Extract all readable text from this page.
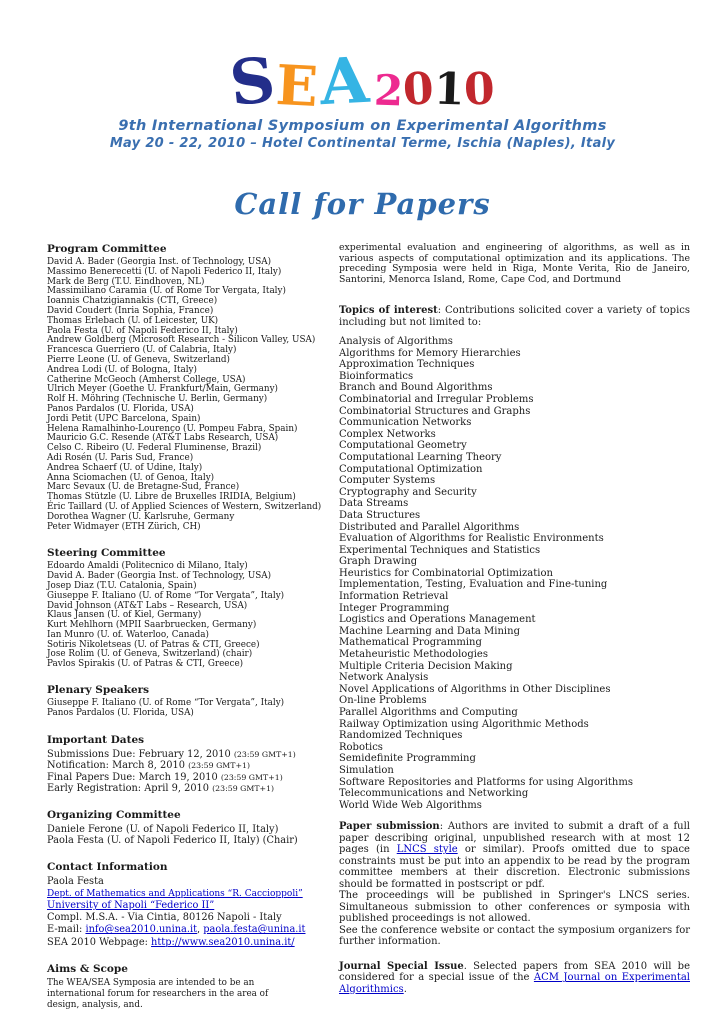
S
E
A 2
0
1
0
9th International Symposium on Experimental Algorithms
May 20 - 22, 2010 – Hotel Continental Terme, Ischia (Naples), Italy
Call for Papers
Program Committee
David A. Bader (Georgia Inst. of Technology, USA)
Massimo Benerecetti (U. of Napoli Federico II, Italy)
Mark de Berg (T.U. Eindhoven, NL)
Massimiliano Caramia (U. of Rome Tor Vergata, Italy)
Ioannis Chatzigiannakis (CTI, Greece)
David Coudert (Inria Sophia, France)
Thomas Erlebach (U. of Leicester, UK)
Paola Festa (U. of Napoli Federico II, Italy)
Andrew Goldberg (Microsoft Research - Silicon Valley, USA)
Francesca Guerriero (U. of Calabria, Italy)
Pierre Leone (U. of Geneva, Switzerland)
Andrea Lodi (U. of Bologna, Italy)
Catherine McGeoch (Amherst College, USA)
Ulrich Meyer (Goethe U. Frankfurt/Main, Germany)
Rolf H. Möhring (Technische U. Berlin, Germany)
Panos Pardalos (U. Florida, USA)
Jordi Petit (UPC Barcelona, Spain)
Helena Ramalhinho-Lourenço (U. Pompeu Fabra, Spain)
Mauricio G.C. Resende (AT&T Labs Research, USA)
Celso C. Ribeiro (U. Federal Fluminense, Brazil)
Adi Rosén (U. Paris Sud, France)
Andrea Schaerf (U. of Udine, Italy)
Anna Sciomachen (U. of Genoa, Italy)
Marc Sevaux (U. de Bretagne-Sud, France)
Thomas Stützle (U. Libre de Bruxelles IRIDIA, Belgium)
Éric Taillard (U. of Applied Sciences of Western, Switzerland)
Dorothea Wagner (U. Karlsruhe, Germany
Peter Widmayer (ETH Zürich, CH)
Steering Committee
Edoardo Amaldi (Politecnico di Milano, Italy)
David A. Bader (Georgia Inst. of Technology, USA)
Josep Diaz (T.U. Catalonia, Spain)
Giuseppe F. Italiano (U. of Rome “Tor Vergata”, Italy)
David Johnson (AT&T Labs – Research, USA)
Klaus Jansen (U. of Kiel, Germany)
Kurt Mehlhorn (MPII Saarbruecken, Germany)
Ian Munro (U. of. Waterloo, Canada)
Sotiris Nikoletseas (U. of Patras & CTI, Greece)
Jose Rolim (U. of Geneva, Switzerland) (chair)
Pavlos Spirakis (U. of Patras & CTI, Greece)
Plenary Speakers
Giuseppe F. Italiano (U. of Rome “Tor Vergata”, Italy)
Panos Pardalos (U. Florida, USA)
Important Dates
Submissions Due: February 12, 2010 (23:59 GMT+1)
Notification: March 8, 2010 (23:59 GMT+1)
Final Papers Due: March 19, 2010 (23:59 GMT+1)
Early Registration: April 9, 2010 (23:59 GMT+1)
Organizing Committee
Daniele Ferone (U. of Napoli Federico II, Italy)
Paola Festa (U. of Napoli Federico II, Italy) (Chair)
Contact Information
Paola Festa
Dept. of Mathematics and Applications “R. Caccioppoli”
University of Napoli “Federico II”
Compl. M.S.A. - Via Cintia, 80126 Napoli - Italy
E-mail: info@sea2010.unina.it, paola.festa@unina.it
SEA 2010 Webpage: http://www.sea2010.unina.it/
Aims & Scope
The WEA/SEA Symposia are intended to be an international forum for researchers in the area of design, analysis, and.

experimental evaluation and engineering of algorithms, as well as in various aspects of computational optimization and its applications. The preceding Symposia were held in Riga, Monte Verita, Rio de Janeiro, Santorini, Menorca Island, Rome, Cape Cod, and Dortmund

Topics of interest: Contributions solicited cover a variety of topics including but not limited to:

Analysis of Algorithms
Algorithms for Memory Hierarchies
Approximation Techniques
Bioinformatics
Branch and Bound Algorithms
Combinatorial and Irregular Problems
Combinatorial Structures and Graphs
Communication Networks
Complex Networks
Computational Geometry
Computational Learning Theory
Computational Optimization
Computer Systems
Cryptography and Security
Data Streams
Data Structures
Distributed and Parallel Algorithms
Evaluation of Algorithms for Realistic Environments
Experimental Techniques and Statistics
Graph Drawing
Heuristics for Combinatorial Optimization
Implementation, Testing, Evaluation and Fine-tuning
Information Retrieval
Integer Programming
Logistics and Operations Management
Machine Learning and Data Mining
Mathematical Programming
Metaheuristic Methodologies
Multiple Criteria Decision Making
Network Analysis
Novel Applications of Algorithms in Other Disciplines
On-line Problems
Parallel Algorithms and Computing
Railway Optimization using Algorithmic Methods
Randomized Techniques
Robotics
Semidefinite Programming
Simulation
Software Repositories and Platforms for using Algorithms
Telecommunications and Networking
World Wide Web Algorithms

Paper submission: Authors are invited to submit a draft of a full paper describing original, unpublished research with at most 12 pages (in LNCS style or similar). Proofs omitted due to space constraints must be put into an appendix to be read by the program committee members at their discretion. Electronic submissions should be formatted in postscript or pdf.

The proceedings will be published in Springer's LNCS series. Simultaneous submission to other conferences or symposia with published proceedings is not allowed.

See the conference website or contact the symposium organizers for further information.

Journal Special Issue. Selected papers from SEA 2010 will be considered for a special issue of the ACM Journal on Experimental Algorithmics.
